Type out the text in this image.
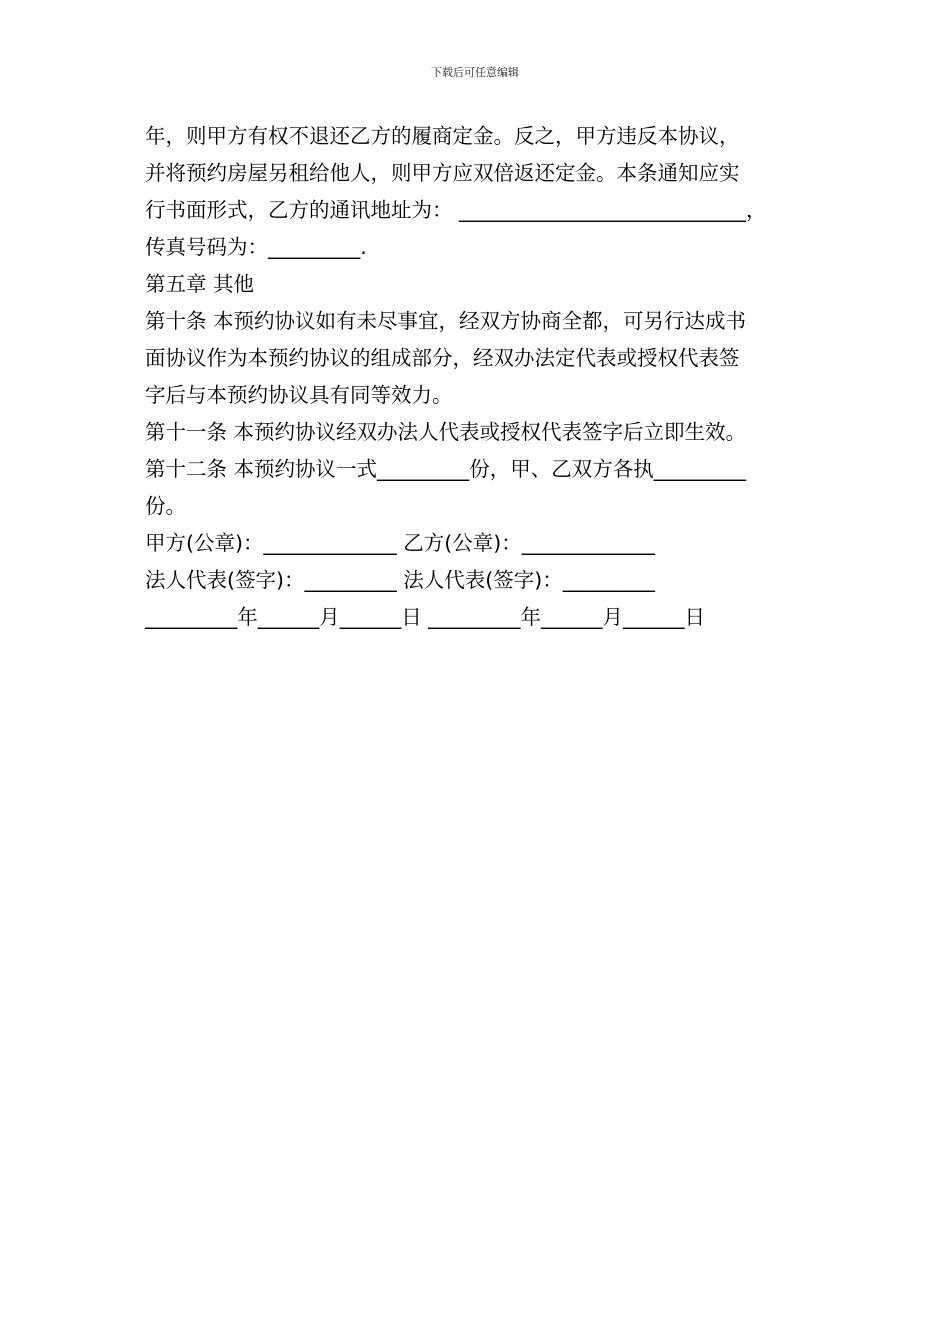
下载后可任意编辑
年，则甲方有权不退还乙方的履商定金。反之，甲方违反本协议，
并将预约房屋另租给他人，则甲方应双倍返还定金。本条通知应实
行书面形式，乙方的通讯地址为： ____________________________，
传真号码为：_________.
第五章 其他
第十条 本预约协议如有未尽事宜，经双方协商全都，可另行达成书
面协议作为本预约协议的组成部分，经双办法定代表或授权代表签
字后与本预约协议具有同等效力。
第十一条 本预约协议经双办法人代表或授权代表签字后立即生效。
第十二条 本预约协议一式_________份，甲、乙双方各执_________
份。
甲方(公章)：_____________ 乙方(公章)：_____________
法人代表(签字)：_________ 法人代表(签字)：_________
_________年______月______日 _________年______月______日
